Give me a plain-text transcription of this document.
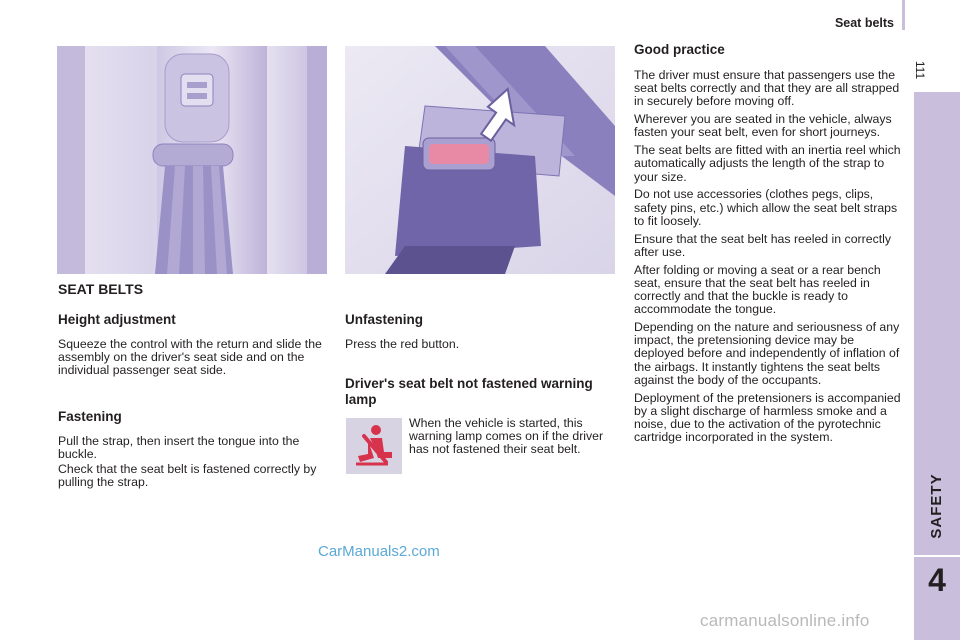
Seat belts
111
SAFETY
4
SEAT BELTS
Height adjustment

Squeeze the control with the return and slide the assembly on the driver's seat side and on the individual passenger seat side.

Fastening

Pull the strap, then insert the tongue into the buckle.

Check that the seat belt is fastened correctly by pulling the strap.

Unfastening

Press the red button.

Driver's seat belt not fastened warning lamp

When the vehicle is started, this warning lamp comes on if the driver has not fastened their seat belt.

Good practice

The driver must ensure that passengers use the seat belts correctly and that they are all strapped in securely before moving off.

Wherever you are seated in the vehicle, always fasten your seat belt, even for short journeys.

The seat belts are fitted with an inertia reel which automatically adjusts the length of the strap to your size.

Do not use accessories (clothes pegs, clips, safety pins, etc.) which allow the seat belt straps to fit loosely.

Ensure that the seat belt has reeled in correctly after use.

After folding or moving a seat or a rear bench seat, ensure that the seat belt has reeled in correctly and that the buckle is ready to accommodate the tongue.

Depending on the nature and seriousness of any impact, the pretensioning device may be deployed before and independently of inflation of the airbags. It instantly tightens the seat belts against the body of the occupants.

Deployment of the pretensioners is accompanied by a slight discharge of harmless smoke and a noise, due to the activation of the pyrotechnic cartridge incorporated in the system.

CarManuals2.com
carmanualsonline.info
